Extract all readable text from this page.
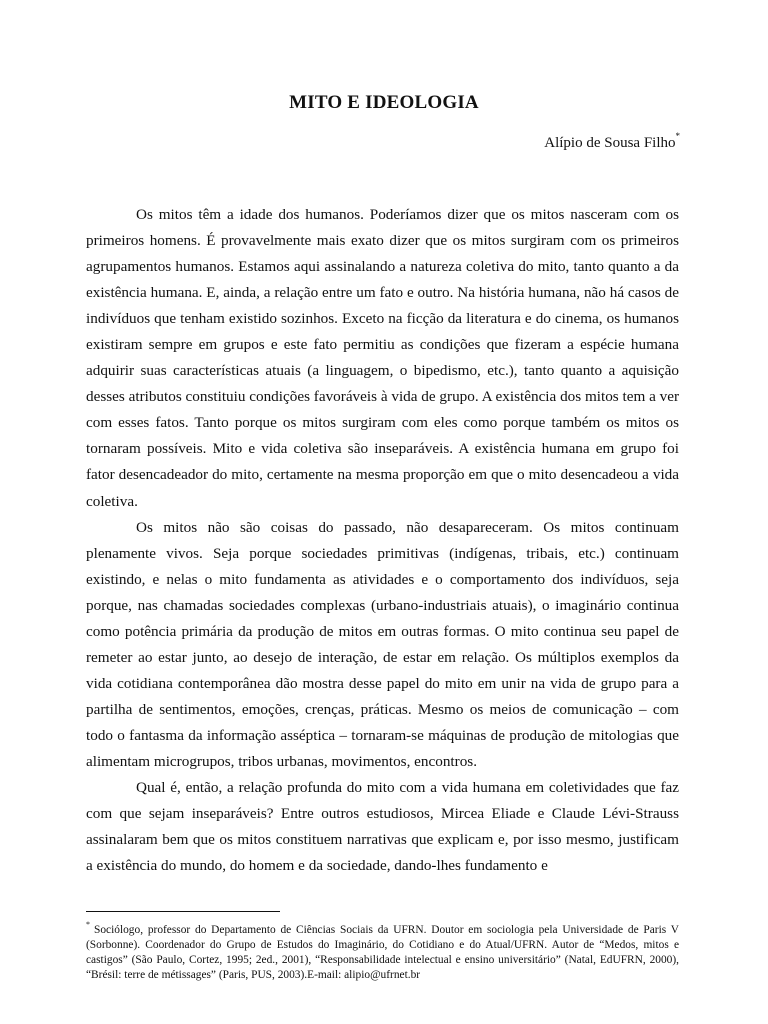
MITO E IDEOLOGIA

Alípio de Sousa Filho*

Os mitos têm a idade dos humanos. Poderíamos dizer que os mitos nasceram com os primeiros homens. É provavelmente mais exato dizer que os mitos surgiram com os primeiros agrupamentos humanos. Estamos aqui assinalando a natureza coletiva do mito, tanto quanto a da existência humana. E, ainda, a relação entre um fato e outro. Na história humana, não há casos de indivíduos que tenham existido sozinhos. Exceto na ficção da literatura e do cinema, os humanos existiram sempre em grupos e este fato permitiu as condições que fizeram a espécie humana adquirir suas características atuais (a linguagem, o bipedismo, etc.), tanto quanto a aquisição desses atributos constituiu condições favoráveis à vida de grupo. A existência dos mitos tem a ver com esses fatos. Tanto porque os mitos surgiram com eles como porque também os mitos os tornaram possíveis. Mito e vida coletiva são inseparáveis. A existência humana em grupo foi fator desencadeador do mito, certamente na mesma proporção em que o mito desencadeou a vida coletiva.

Os mitos não são coisas do passado, não desapareceram. Os mitos continuam plenamente vivos. Seja porque sociedades primitivas (indígenas, tribais, etc.) continuam existindo, e nelas o mito fundamenta as atividades e o comportamento dos indivíduos, seja porque, nas chamadas sociedades complexas (urbano-industriais atuais), o imaginário continua como potência primária da produção de mitos em outras formas. O mito continua seu papel de remeter ao estar junto, ao desejo de interação, de estar em relação. Os múltiplos exemplos da vida cotidiana contemporânea dão mostra desse papel do mito em unir na vida de grupo para a partilha de sentimentos, emoções, crenças, práticas. Mesmo os meios de comunicação – com todo o fantasma da informação asséptica – tornaram-se máquinas de produção de mitologias que alimentam microgrupos, tribos urbanas, movimentos, encontros.

Qual é, então, a relação profunda do mito com a vida humana em coletividades que faz com que sejam inseparáveis? Entre outros estudiosos, Mircea Eliade e Claude Lévi-Strauss assinalaram bem que os mitos constituem narrativas que explicam e, por isso mesmo, justificam a existência do mundo, do homem e da sociedade, dando-lhes fundamento e

* Sociólogo, professor do Departamento de Ciências Sociais da UFRN. Doutor em sociologia pela Universidade de Paris V (Sorbonne). Coordenador do Grupo de Estudos do Imaginário, do Cotidiano e do Atual/UFRN. Autor de “Medos, mitos e castigos” (São Paulo, Cortez, 1995; 2ed., 2001), “Responsabilidade intelectual e ensino universitário” (Natal, EdUFRN, 2000), “Brésil: terre de métissages” (Paris, PUS, 2003).E-mail: alipio@ufrnet.br
